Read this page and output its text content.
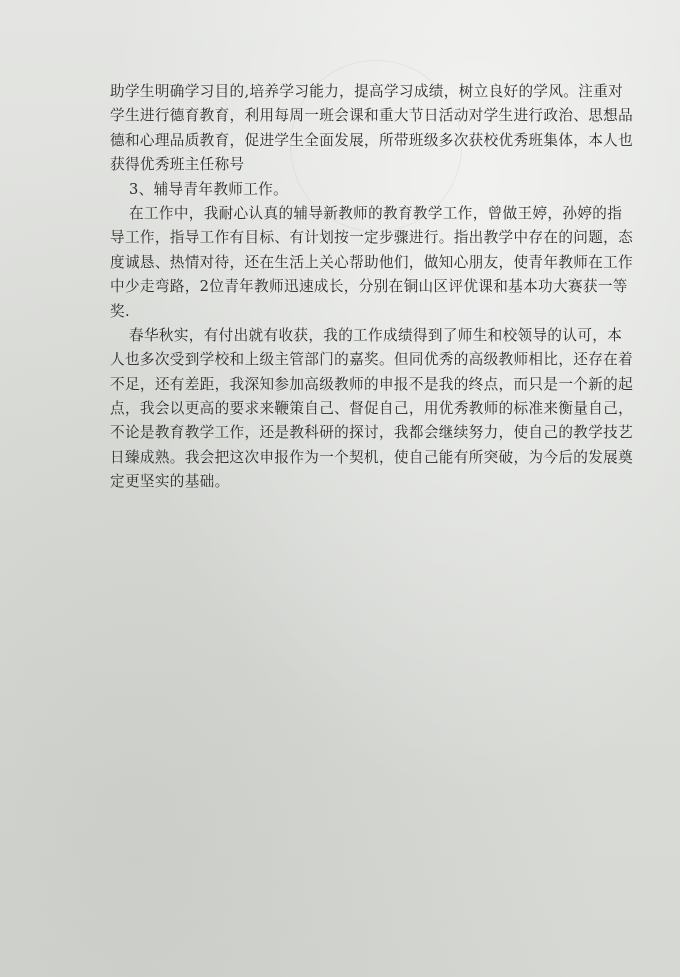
助学生明确学习目的,培养学习能力，提高学习成绩，树立良好的学风。注重对
学生进行德育教育，利用每周一班会课和重大节日活动对学生进行政治、思想品
德和心理品质教育，促进学生全面发展，所带班级多次获校优秀班集体，本人也
获得优秀班主任称号
3、辅导青年教师工作。
在工作中，我耐心认真的辅导新教师的教育教学工作，曾做王婷，孙婷的指
导工作，指导工作有目标、有计划按一定步骤进行。指出教学中存在的问题，态
度诚恳、热情对待，还在生活上关心帮助他们，做知心朋友，使青年教师在工作
中少走弯路，2位青年教师迅速成长，分别在铜山区评优课和基本功大赛获一等
奖.
春华秋实，有付出就有收获，我的工作成绩得到了师生和校领导的认可，本
人也多次受到学校和上级主管部门的嘉奖。但同优秀的高级教师相比，还存在着
不足，还有差距，我深知参加高级教师的申报不是我的终点，而只是一个新的起
点，我会以更高的要求来鞭策自己、督促自己，用优秀教师的标准来衡量自己，
不论是教育教学工作，还是教科研的探讨，我都会继续努力，使自己的教学技艺
日臻成熟。我会把这次申报作为一个契机，使自己能有所突破，为今后的发展奠
定更坚实的基础。
